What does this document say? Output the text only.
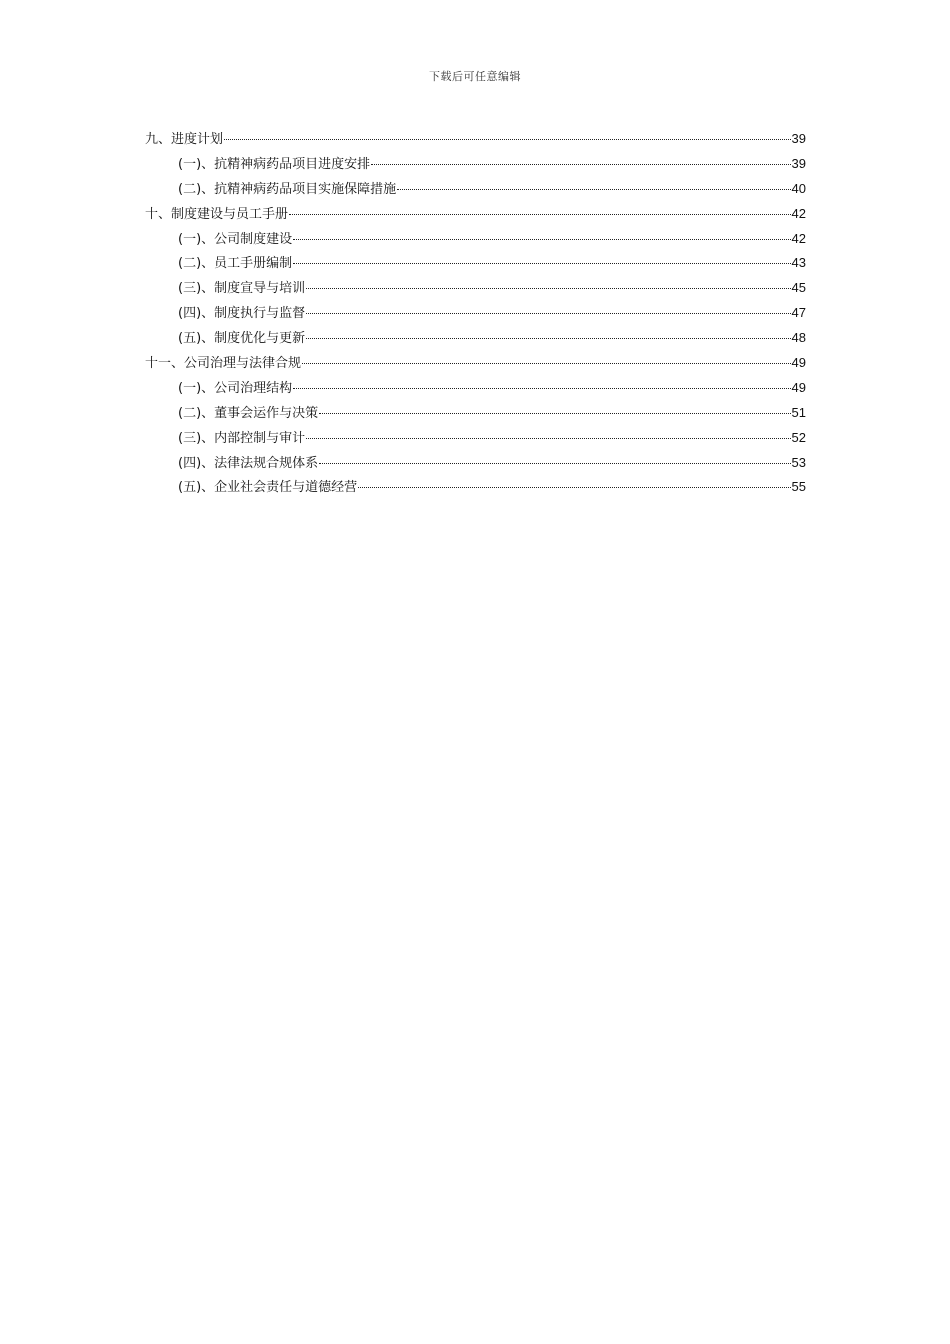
下载后可任意编辑
九、进度计划	39
(一)、抗精神病药品项目进度安排	39
(二)、抗精神病药品项目实施保障措施	40
十、制度建设与员工手册	42
(一)、公司制度建设	42
(二)、员工手册编制	43
(三)、制度宣导与培训	45
(四)、制度执行与监督	47
(五)、制度优化与更新	48
十一、公司治理与法律合规	49
(一)、公司治理结构	49
(二)、董事会运作与决策	51
(三)、内部控制与审计	52
(四)、法律法规合规体系	53
(五)、企业社会责任与道德经营	55
